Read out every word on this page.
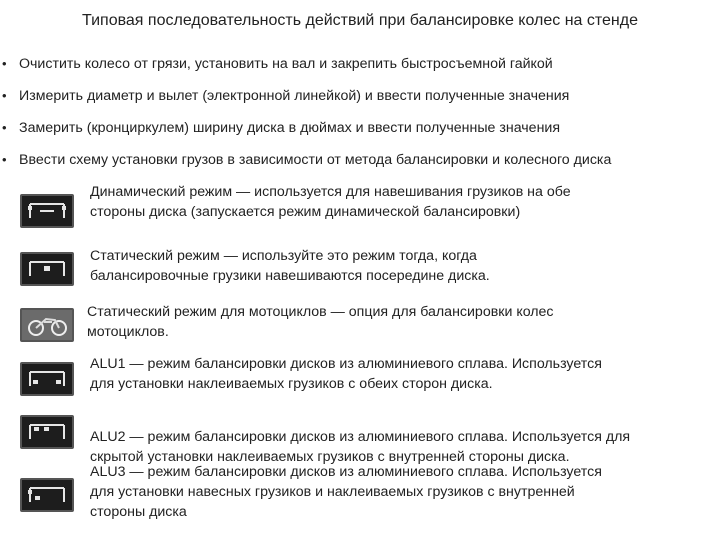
Типовая последовательность действий при балансировке колес на стенде
• Очистить колесо от грязи, установить на вал и закрепить быстросъемной гайкой
• Измерить диаметр и вылет (электронной линейкой) и ввести полученные значения
• Замерить (кронциркулем) ширину диска в дюймах и ввести полученные значения
• Ввести схему установки грузов в зависимости от метода балансировки и колесного диска
Динамический режим — используется для навешивания грузиков на обе
стороны диска (запускается режим динамической балансировки)
Статический режим — используйте это режим тогда, когда
балансировочные грузики навешиваются посередине диска.
Статический режим для мотоциклов — опция для балансировки колес
мотоциклов.
ALU1 — режим балансировки дисков из алюминиевого сплава. Используется
для установки наклеиваемых грузиков с обеих сторон диска.
ALU2 — режим балансировки дисков из алюминиевого сплава. Используется для
скрытой установки наклеиваемых грузиков с внутренней стороны диска.
ALU3 — режим балансировки дисков из алюминиевого сплава. Используется
для установки навесных грузиков и наклеиваемых грузиков с внутренней
стороны диска
